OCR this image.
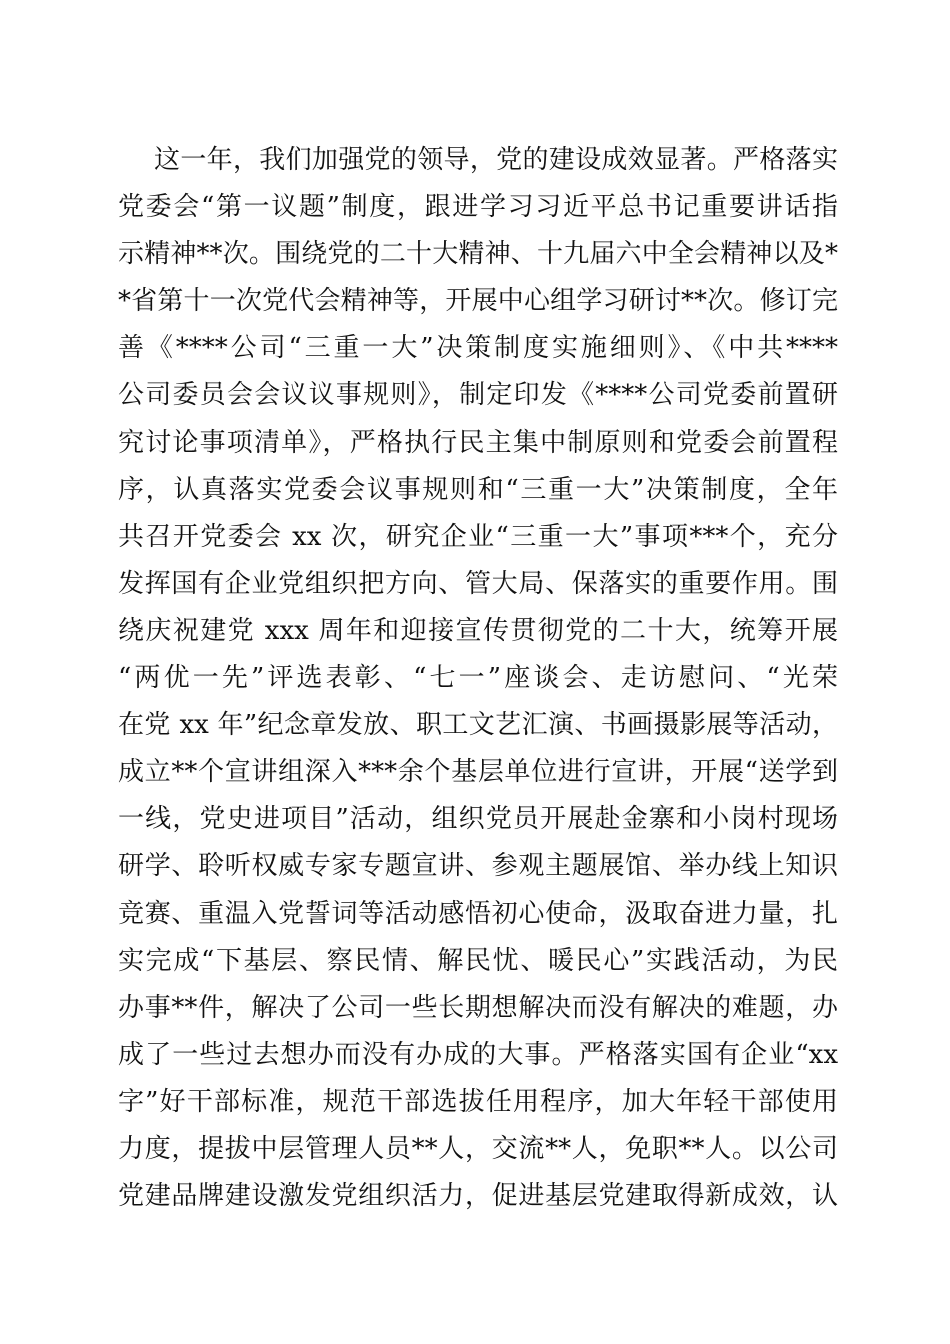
这一年，我们加强党的领导，党的建设成效显著。严格落实
党委会“第一议题”制度，跟进学习习近平总书记重要讲话指
示精神**次。围绕党的二十大精神、十九届六中全会精神以及*
*省第十一次党代会精神等，开展中心组学习研讨**次。修订完
善《****公司“三重一大”决策制度实施细则》、《中共****
公司委员会会议议事规则》，制定印发《****公司党委前置研
究讨论事项清单》，严格执行民主集中制原则和党委会前置程
序，认真落实党委会议事规则和“三重一大”决策制度，全年
共召开党委会 xx 次，研究企业“三重一大”事项***个，充分
发挥国有企业党组织把方向、管大局、保落实的重要作用。围
绕庆祝建党 xxx 周年和迎接宣传贯彻党的二十大，统筹开展
“两优一先”评选表彰、“七一”座谈会、走访慰问、“光荣
在党 xx 年”纪念章发放、职工文艺汇演、书画摄影展等活动，
成立**个宣讲组深入***余个基层单位进行宣讲，开展“送学到
一线，党史进项目”活动，组织党员开展赴金寨和小岗村现场
研学、聆听权威专家专题宣讲、参观主题展馆、举办线上知识
竞赛、重温入党誓词等活动感悟初心使命，汲取奋进力量，扎
实完成“下基层、察民情、解民忧、暖民心”实践活动，为民
办事**件，解决了公司一些长期想解决而没有解决的难题，办
成了一些过去想办而没有办成的大事。严格落实国有企业“xx
字”好干部标准，规范干部选拔任用程序，加大年轻干部使用
力度，提拔中层管理人员**人，交流**人，免职**人。以公司
党建品牌建设激发党组织活力，促进基层党建取得新成效，认
